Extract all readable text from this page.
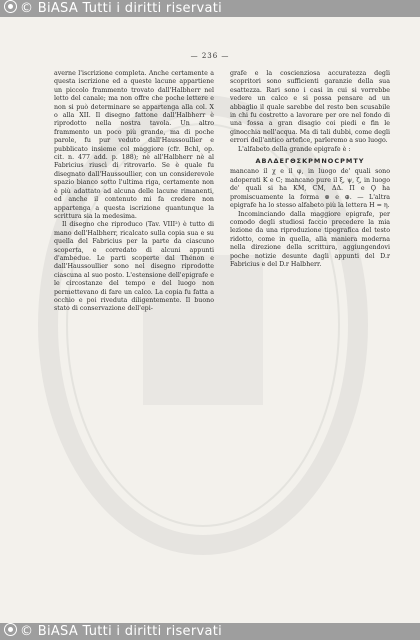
© BiASA Tutti i diritti riservati
— 236 —

averne l'iscrizione completa. Anche certamente a questa iscrizione ed a queste lacune appartiene un piccolo frammento trovato dall'Halbherr nel letto del canale; ma non offre che poche lettere e non si può determinare se appartenga alla col. X o alla XII. Il disegno fattone dall'Halbherr è riprodotto nella nostra tavola. Un altro frammento un poco più grande, ma di poche parole, fu pur veduto dall'Haussoullier e pubblicato insieme col maggiore (cfr. Bchl, op. cit. n. 477 add. p. 188); nè all'Halbherr nè al Fabricius riuscì di ritrovarlo. Se è quale fu disegnato dall'Haussoullier, con un considerevole spazio bianco sotto l'ultima riga, certamente non è più adattato ad alcuna delle lacune rimanenti, ed anche il contenuto mi fa credere non appartenga a questa iscrizione quantunque la scrittura sia la medesima.

Il disegno che riproduco (Tav. VIII²) è tutto di mano dell'Halbherr, ricalcato sulla copia sua e su quella del Fabricius per la parte da ciascuno scoperta, e corredato di alcuni appunti d'ambedue. Le parti scoperte dal Thénon e dall'Haussoullier sono nel disegno riprodotte ciascuna al suo posto. L'estensione dell'epigrafe e le circostanze del tempo e del luogo non permettevano di fare un calco. La copia fu fatta a occhio e poi riveduta diligentemente. Il buono stato di conservazione dell'epi-

grafe e la coscienziosa accuratezza degli scopritori sono sufficienti garanzie della sua esattezza. Rari sono i casi in cui si vorrebbe vedere un calco e si possa pensare ad un abbaglio il quale sarebbe del resto ben scusabile in chi fu costretto a lavorare per ore nel fondo di una fossa a gran disagio coi piedi e fin le ginocchia nell'acqua. Ma di tali dubbi, come degli errori dell'antico artefice, parleremo a suo luogo.

L'alfabeto della grande epigrafe è :

ΑΒΛΔΕΓΘΣΚΡΜΝΟϹΡΜΤΥ

mancano il χ e il φ, in luogo de' quali sono adoperati Κ e Ϲ; mancano pure il ξ, ψ, ζ, in luogo de' quali si ha ΚΜ, ϹΜ, ΔΔ. Π e Ϙ ha promiscuamente la forma ⊗ e ⊕. — L'altra epigrafe ha lo stesso alfabeto più la lettera Η = η.

Incominciando dalla maggiore epigrafe, per comodo degli studiosi faccio precedere la mia lezione da una riproduzione tipografica del testo ridotto, come in quella, alla maniera moderna nella direzione della scrittura, aggiungendovi poche notizie desunte dagli appunti del D.r Fabricius e del D.r Halbherr.

© BiASA Tutti i diritti riservati
